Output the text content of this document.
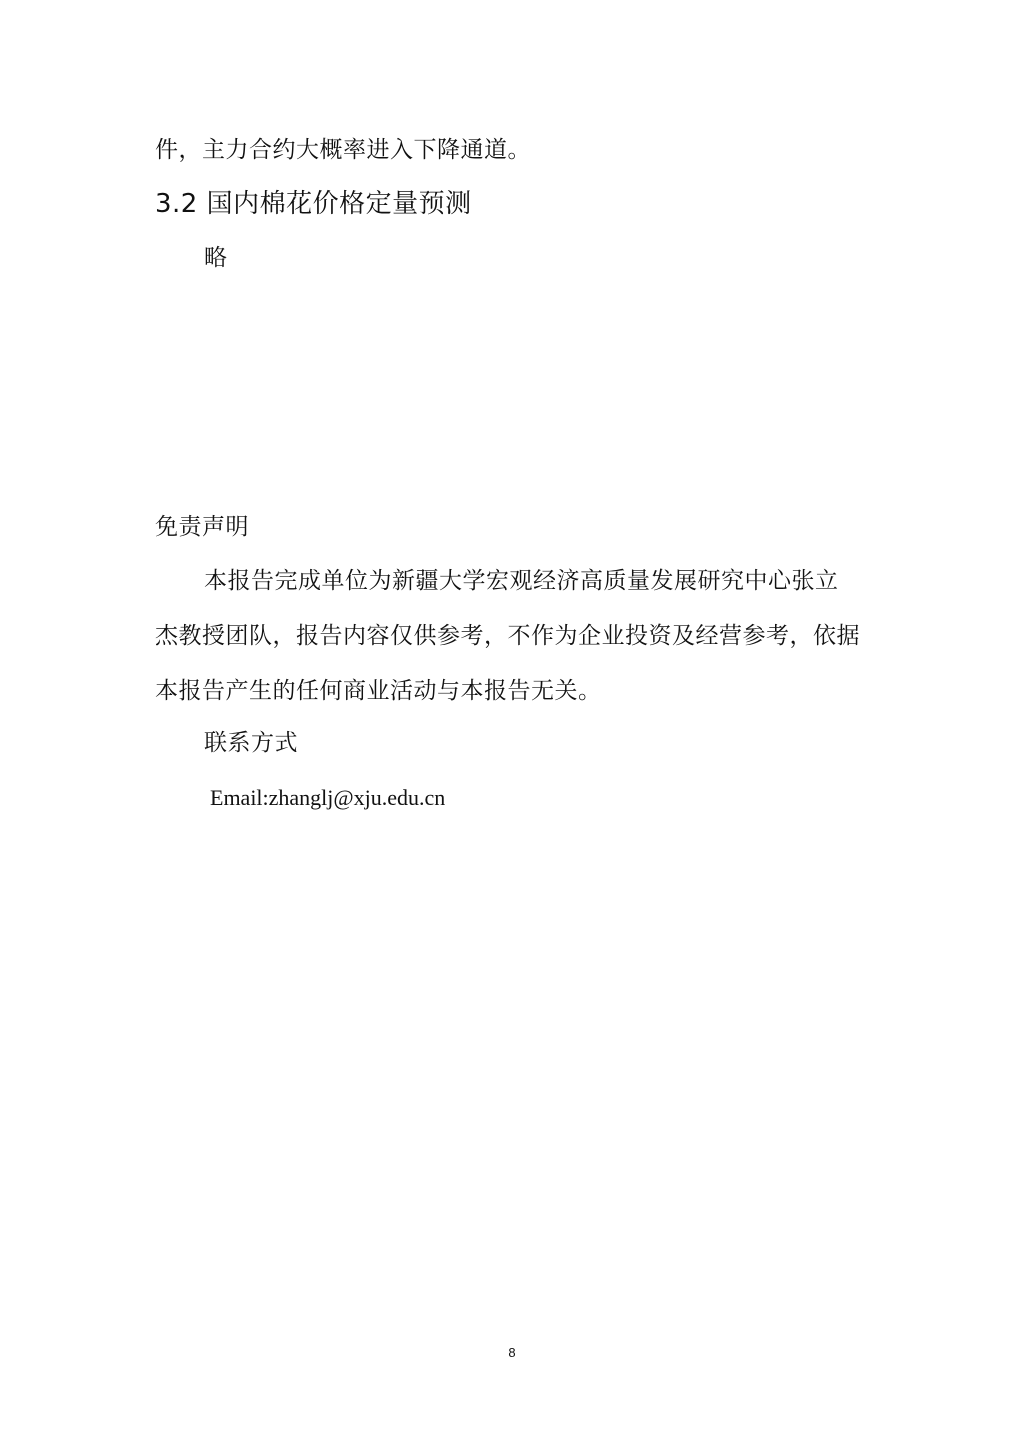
件，主力合约大概率进入下降通道。
3.2 国内棉花价格定量预测
略
免责声明
本报告完成单位为新疆大学宏观经济高质量发展研究中心张立
杰教授团队，报告内容仅供参考，不作为企业投资及经营参考，依据
本报告产生的任何商业活动与本报告无关。
联系方式
Email:zhanglj@xju.edu.cn
8
